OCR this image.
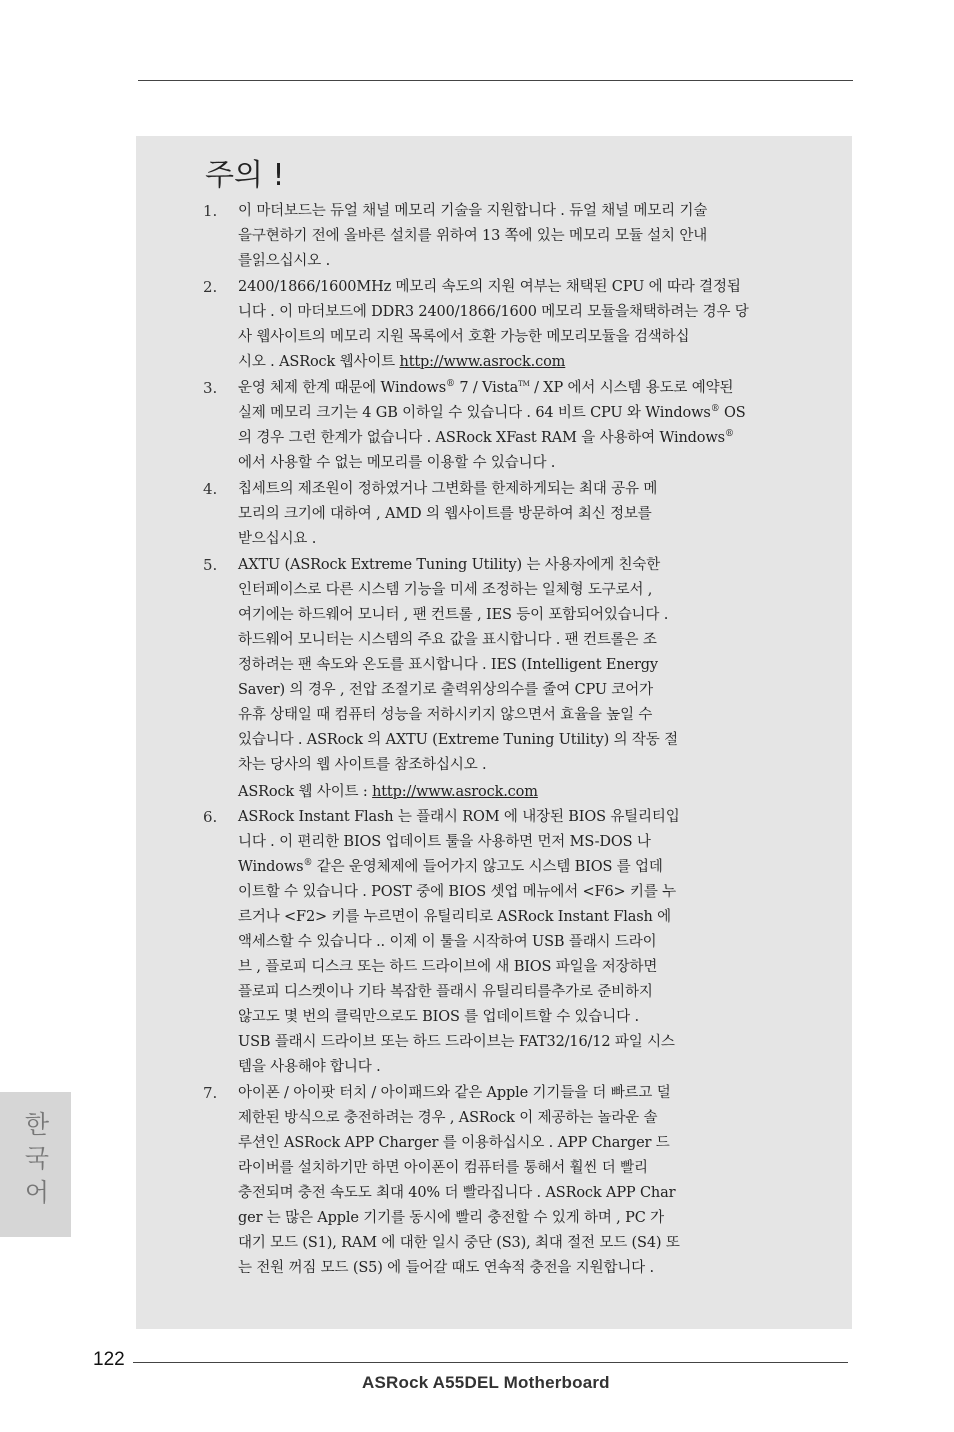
주의 !
1. 이 마더보드는 듀얼 채널 메모리 기술을 지원합니다 . 듀얼 채널 메모리 기술
을구현하기 전에 올바른 설치를 위하여 13 쪽에 있는 메모리 모듈 설치 안내
를읽으십시오 .
2. 2400/1866/1600MHz 메모리 속도의 지원 여부는 채택된 CPU 에 따라 결정됩
니다 . 이 마더보드에 DDR3 2400/1866/1600 메모리 모듈을채택하려는 경우 당
사 웹사이트의 메모리 지원 목록에서 호환 가능한 메모리모듈을 검색하십
시오 . ASRock 웹사이트 http://www.asrock.com
3. 운영 체제 한계 때문에 Windows® 7 / Vista™ / XP 에서 시스템 용도로 예약된
실제 메모리 크기는 4 GB 이하일 수 있습니다 . 64 비트 CPU 와 Windows® OS
의 경우 그런 한계가 없습니다 . ASRock XFast RAM 을 사용하여 Windows®
에서 사용할 수 없는 메모리를 이용할 수 있습니다 .
4. 칩세트의 제조원이 정하였거나 그변화를 한제하게되는 최대 공유 메
모리의 크기에 대하여 , AMD 의 웹사이트를 방문하여 최신 정보를
받으십시요 .
5. AXTU (ASRock Extreme Tuning Utility) 는 사용자에게 친숙한
인터페이스로 다른 시스템 기능을 미세 조정하는 일체형 도구로서 ,
여기에는 하드웨어 모니터 , 팬 컨트롤 , IES 등이 포함되어있습니다 .
하드웨어 모니터는 시스템의 주요 값을 표시합니다 . 팬 컨트롤은 조
정하려는 팬 속도와 온도를 표시합니다 . IES (Intelligent Energy
Saver) 의 경우 , 전압 조절기로 출력위상의수를 줄여 CPU 코어가
유휴 상태일 때 컴퓨터 성능을 저하시키지 않으면서 효율을 높일 수
있습니다 . ASRock 의 AXTU (Extreme Tuning Utility) 의 작동 절
차는 당사의 웹 사이트를 참조하십시오 .
ASRock 웹 사이트 : http://www.asrock.com
6. ASRock Instant Flash 는 플래시 ROM 에 내장된 BIOS 유틸리티입
니다 . 이 편리한 BIOS 업데이트 툴을 사용하면 먼저 MS-DOS 나
Windows® 같은 운영체제에 들어가지 않고도 시스템 BIOS 를 업데
이트할 수 있습니다 . POST 중에 BIOS 셋업 메뉴에서 <F6> 키를 누
르거나 <F2> 키를 누르면이 유틸리티로 ASRock Instant Flash 에
액세스할 수 있습니다 .. 이제 이 툴을 시작하여 USB 플래시 드라이
브 , 플로피 디스크 또는 하드 드라이브에 새 BIOS 파일을 저장하면
플로피 디스켓이나 기타 복잡한 플래시 유틸리티를추가로 준비하지
않고도 몇 번의 클릭만으로도 BIOS 를 업데이트할 수 있습니다 .
USB 플래시 드라이브 또는 하드 드라이브는 FAT32/16/12 파일 시스
템을 사용해야 합니다 .
7. 아이폰 / 아이팟 터치 / 아이패드와 같은 Apple 기기들을 더 빠르고 덜
제한된 방식으로 충전하려는 경우 , ASRock 이 제공하는 놀라운 솔
루션인 ASRock APP Charger 를 이용하십시오 . APP Charger 드
라이버를 설치하기만 하면 아이폰이 컴퓨터를 통해서 훨씬 더 빨리
충전되며 충전 속도도 최대 40% 더 빨라집니다 . ASRock APP Char
ger 는 많은 Apple 기기를 동시에 빨리 충전할 수 있게 하며 , PC 가
대기 모드 (S1), RAM 에 대한 일시 중단 (S3), 최대 절전 모드 (S4) 또
는 전원 꺼짐 모드 (S5) 에 들어갈 때도 연속적 충전을 지원합니다 .
한
국
어
122
ASRock A55DEL Motherboard
